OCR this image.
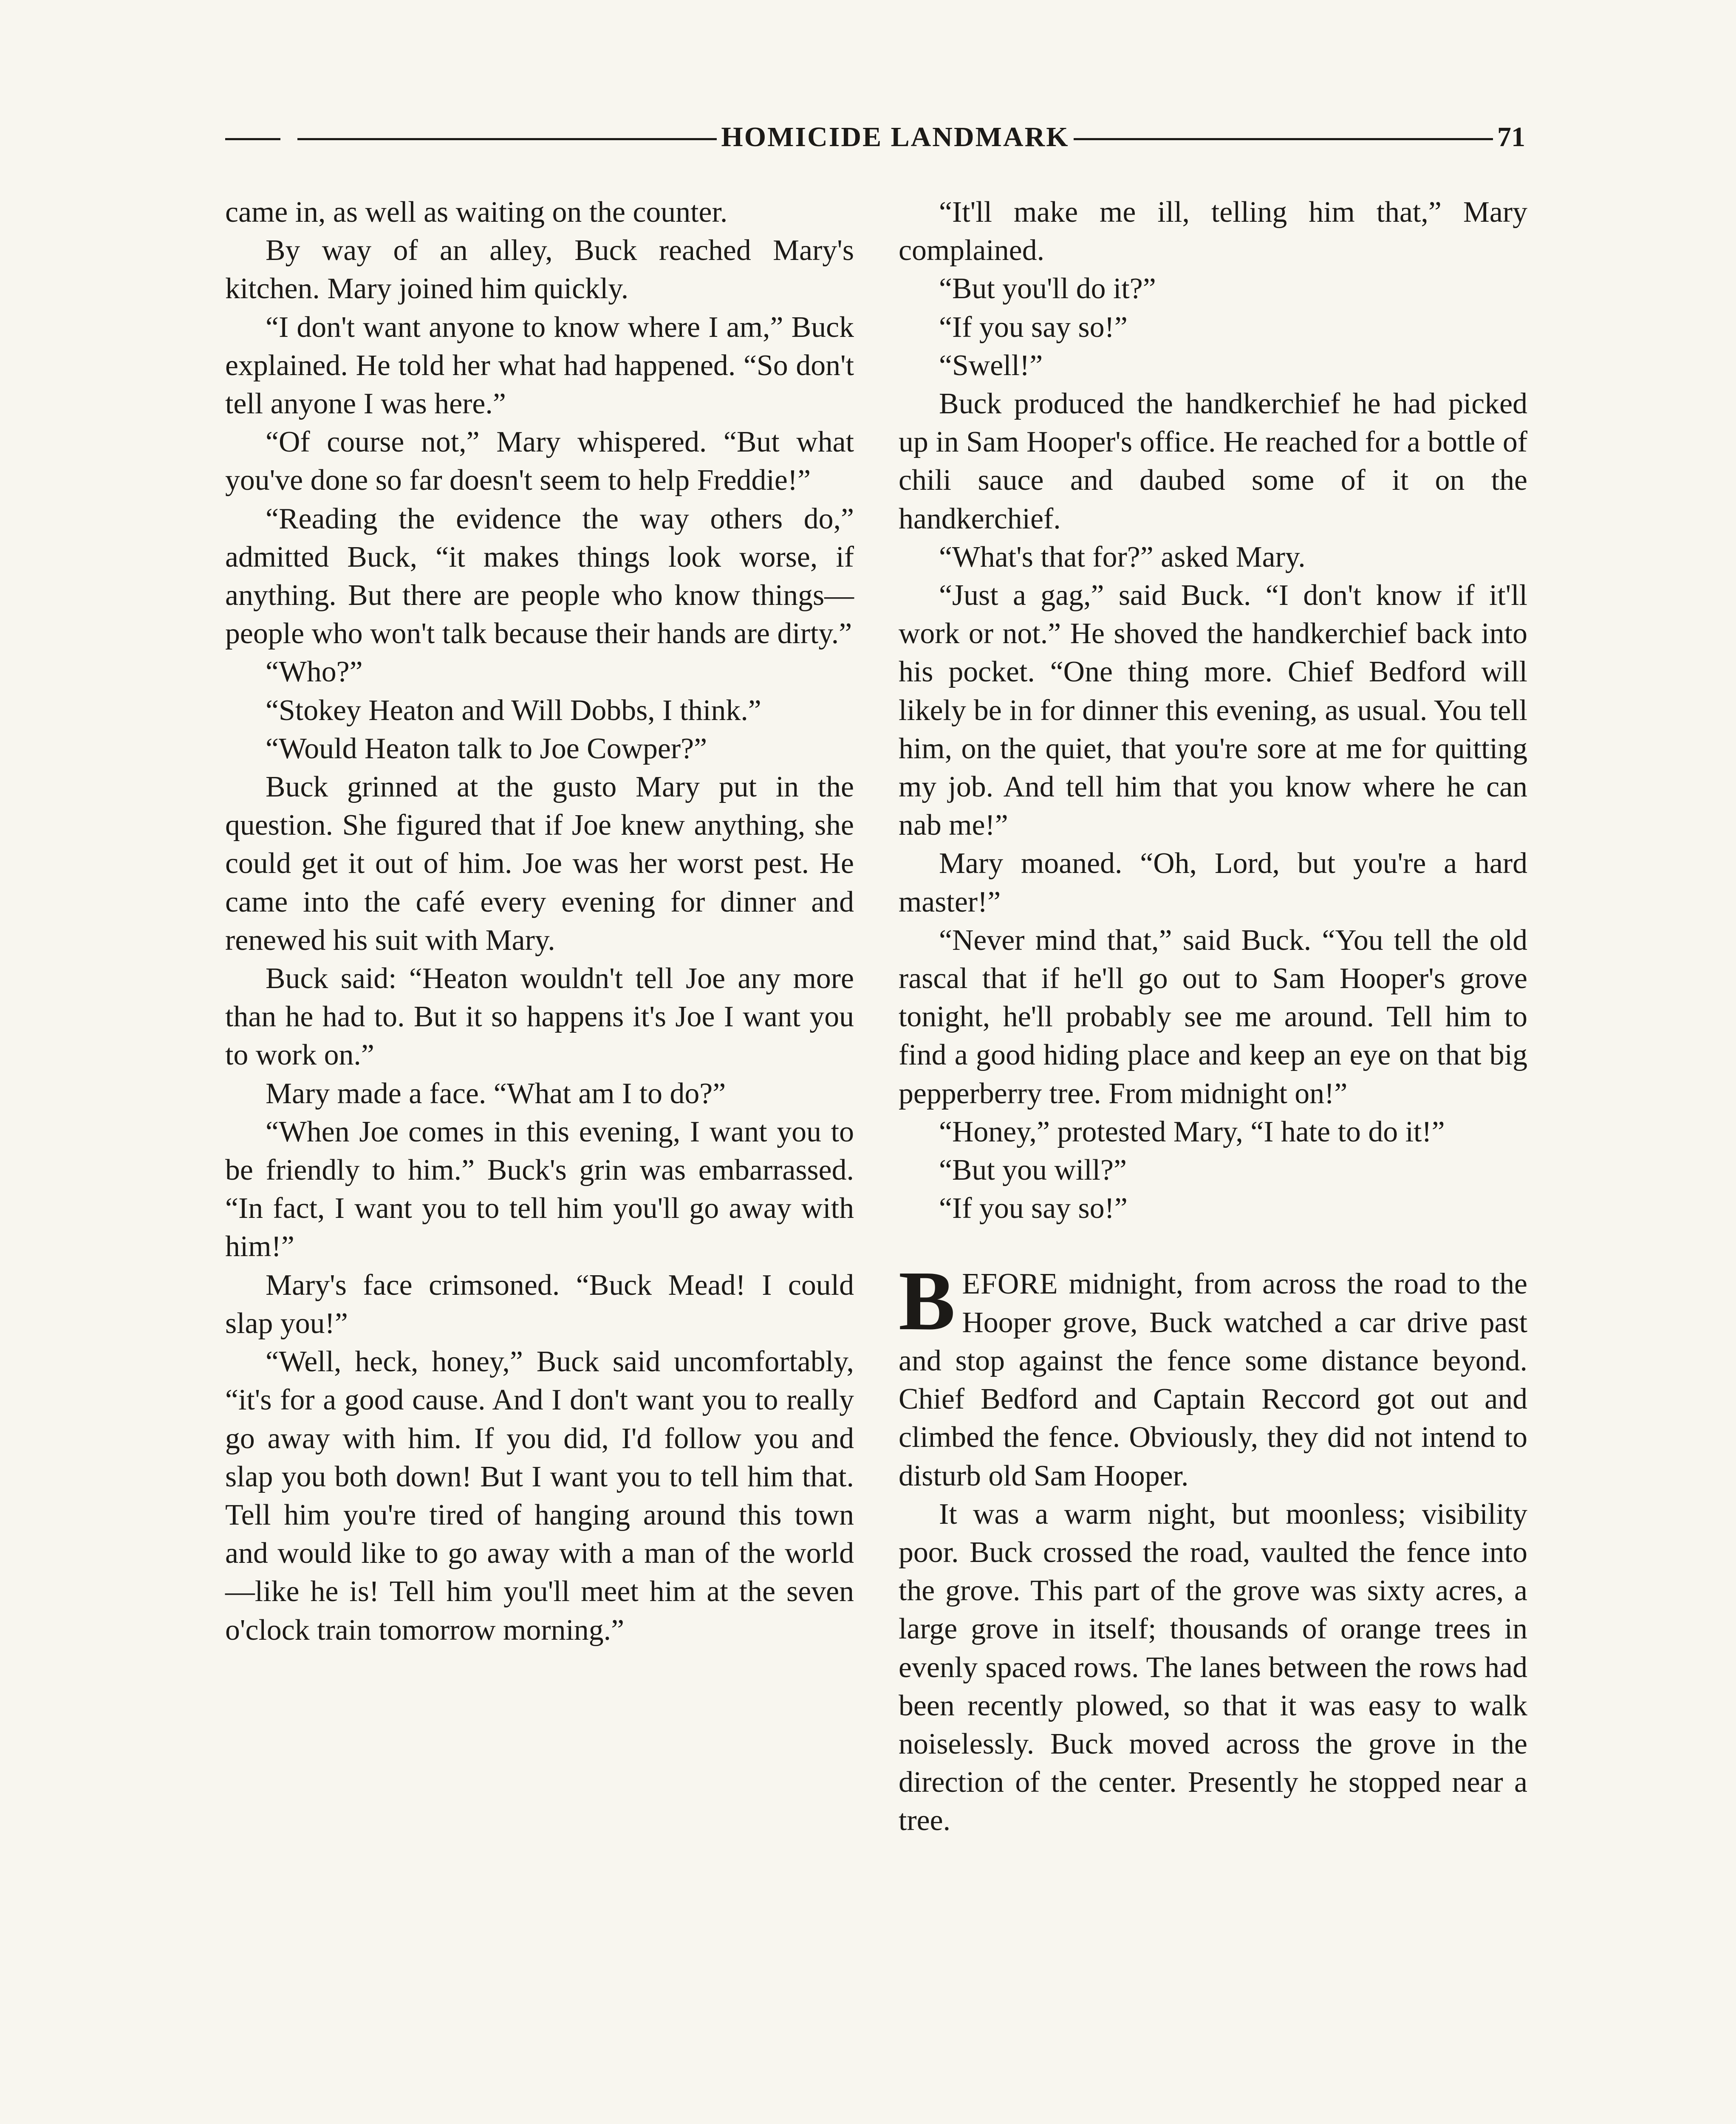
HOMICIDE LANDMARK	71

came in, as well as waiting on the counter.

By way of an alley, Buck reached Mary's kitchen. Mary joined him quickly.

“I don't want anyone to know where I am,” Buck explained. He told her what had happened. “So don't tell anyone I was here.”

“Of course not,” Mary whispered. “But what you've done so far doesn't seem to help Freddie!”

“Reading the evidence the way others do,” admitted Buck, “it makes things look worse, if anything. But there are people who know things—people who won't talk because their hands are dirty.”

“Who?”

“Stokey Heaton and Will Dobbs, I think.”

“Would Heaton talk to Joe Cowper?”

Buck grinned at the gusto Mary put in the question. She figured that if Joe knew anything, she could get it out of him. Joe was her worst pest. He came into the café every evening for dinner and renewed his suit with Mary.

Buck said: “Heaton wouldn't tell Joe any more than he had to. But it so happens it's Joe I want you to work on.”

Mary made a face. “What am I to do?”

“When Joe comes in this evening, I want you to be friendly to him.” Buck's grin was embarrassed. “In fact, I want you to tell him you'll go away with him!”

Mary's face crimsoned. “Buck Mead! I could slap you!”

“Well, heck, honey,” Buck said uncomfortably, “it's for a good cause. And I don't want you to really go away with him. If you did, I'd follow you and slap you both down! But I want you to tell him that. Tell him you're tired of hanging around this town and would like to go away with a man of the world—like he is! Tell him you'll meet him at the seven o'clock train tomorrow morning.”

“It'll make me ill, telling him that,” Mary complained.

“But you'll do it?”

“If you say so!”

“Swell!”

Buck produced the handkerchief he had picked up in Sam Hooper's office. He reached for a bottle of chili sauce and daubed some of it on the handkerchief.

“What's that for?” asked Mary.

“Just a gag,” said Buck. “I don't know if it'll work or not.” He shoved the handkerchief back into his pocket. “One thing more. Chief Bedford will likely be in for dinner this evening, as usual. You tell him, on the quiet, that you're sore at me for quitting my job. And tell him that you know where he can nab me!”

Mary moaned. “Oh, Lord, but you're a hard master!”

“Never mind that,” said Buck. “You tell the old rascal that if he'll go out to Sam Hooper's grove tonight, he'll probably see me around. Tell him to find a good hiding place and keep an eye on that big pepperberry tree. From midnight on!”

“Honey,” protested Mary, “I hate to do it!”

“But you will?”

“If you say so!”

BEFORE midnight, from across the road to the Hooper grove, Buck watched a car drive past and stop against the fence some distance beyond. Chief Bedford and Captain Reccord got out and climbed the fence. Obviously, they did not intend to disturb old Sam Hooper.

It was a warm night, but moonless; visibility poor. Buck crossed the road, vaulted the fence into the grove. This part of the grove was sixty acres, a large grove in itself; thousands of orange trees in evenly spaced rows. The lanes between the rows had been recently plowed, so that it was easy to walk noiselessly. Buck moved across the grove in the direction of the center. Presently he stopped near a tree.
